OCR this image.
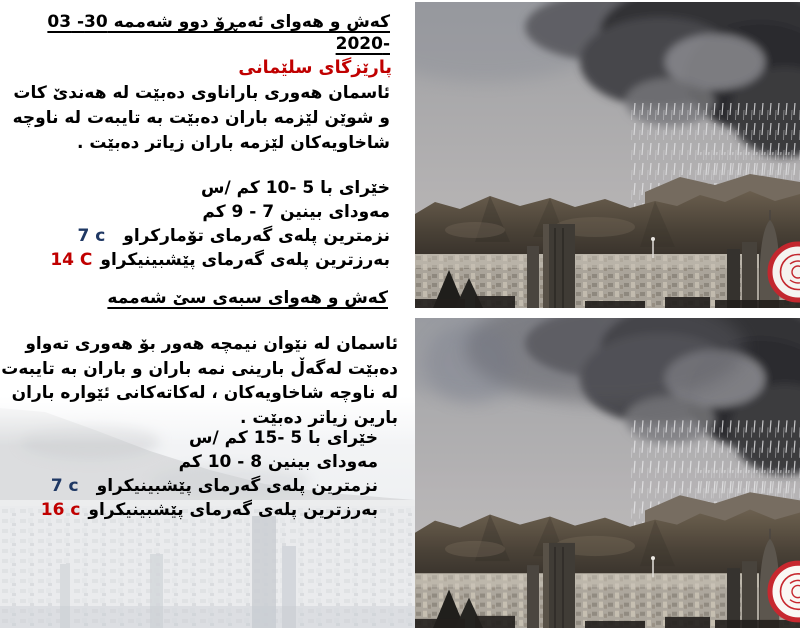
كەش و هەواى ئەمڕۆ دوو شەممە 30- 03 -2020
پارێزگاى سلێمانى
ئاسمان هەورى باراناوى دەبێت لە هەندێ كات و شوێن لێزمە باران دەبێت بە تايبەت لە ناوچە شاخاويەكان لێزمە باران زياتر دەبێت .
خێراى با 5 -10 كم /س
مەوداى بينين 7 - 9 كم
نزمترين پلەى گەرماى تۆماركراو7 c
بەرزترين پلەى گەرماى پێشبينيكراو14 C
كەش و هەواى سبەى سێ شەممە
ئاسمان لە نێوان نيمچە هەور بۆ هەورى تەواو دەبێت لەگەڵ بارينى نمە باران و باران بە تايبەت لە ناوچە شاخاويەكان ، لەكاتەكانى ئێوارە باران بارين زياتر دەبێت .
خێراى با 5 -15 كم /س
مەوداى بينين 8 - 10 كم
نزمترين پلەى گەرماى پێشبينيكراو7 c
بەرزترين پلەى گەرماى پێشبينيكراو16 c
